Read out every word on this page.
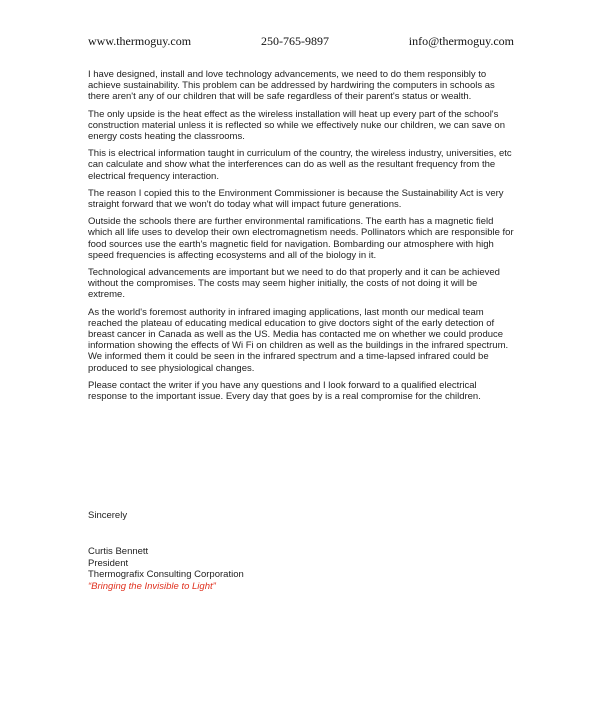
www.thermoguy.com	250-765-9897	info@thermoguy.com

I have designed, install and love technology advancements, we need to do them responsibly to achieve sustainability. This problem can be addressed by hardwiring the computers in schools as there aren't any of our children that will be safe regardless of their parent's status or wealth.

The only upside is the heat effect as the wireless installation will heat up every part of the school's construction material unless it is reflected so while we effectively nuke our children, we can save on energy costs heating the classrooms.

This is electrical information taught in curriculum of the country, the wireless industry, universities, etc can calculate and show what the interferences can do as well as the resultant frequency from the electrical frequency interaction.

The reason I copied this to the Environment Commissioner is because the Sustainability Act is very straight forward that we won't do today what will impact future generations.

Outside the schools there are further environmental ramifications. The earth has a magnetic field which all life uses to develop their own electromagnetism needs. Pollinators which are responsible for food sources use the earth's magnetic field for navigation. Bombarding our atmosphere with high speed frequencies is affecting ecosystems and all of the biology in it.

Technological advancements are important but we need to do that properly and it can be achieved without the compromises. The costs may seem higher initially, the costs of not doing it will be extreme.

As the world's foremost authority in infrared imaging applications, last month our medical team reached the plateau of educating medical education to give doctors sight of the early detection of breast cancer in Canada as well as the US. Media has contacted me on whether we could produce information showing the effects of Wi Fi on children as well as the buildings in the infrared spectrum. We informed them it could be seen in the infrared spectrum and a time-lapsed infrared could be produced to see physiological changes.

Please contact the writer if you have any questions and I look forward to a qualified electrical response to the important issue. Every day that goes by is a real compromise for the children.

Sincerely
Curtis Bennett
President
Thermografix Consulting Corporation
“Bringing the Invisible to Light”
